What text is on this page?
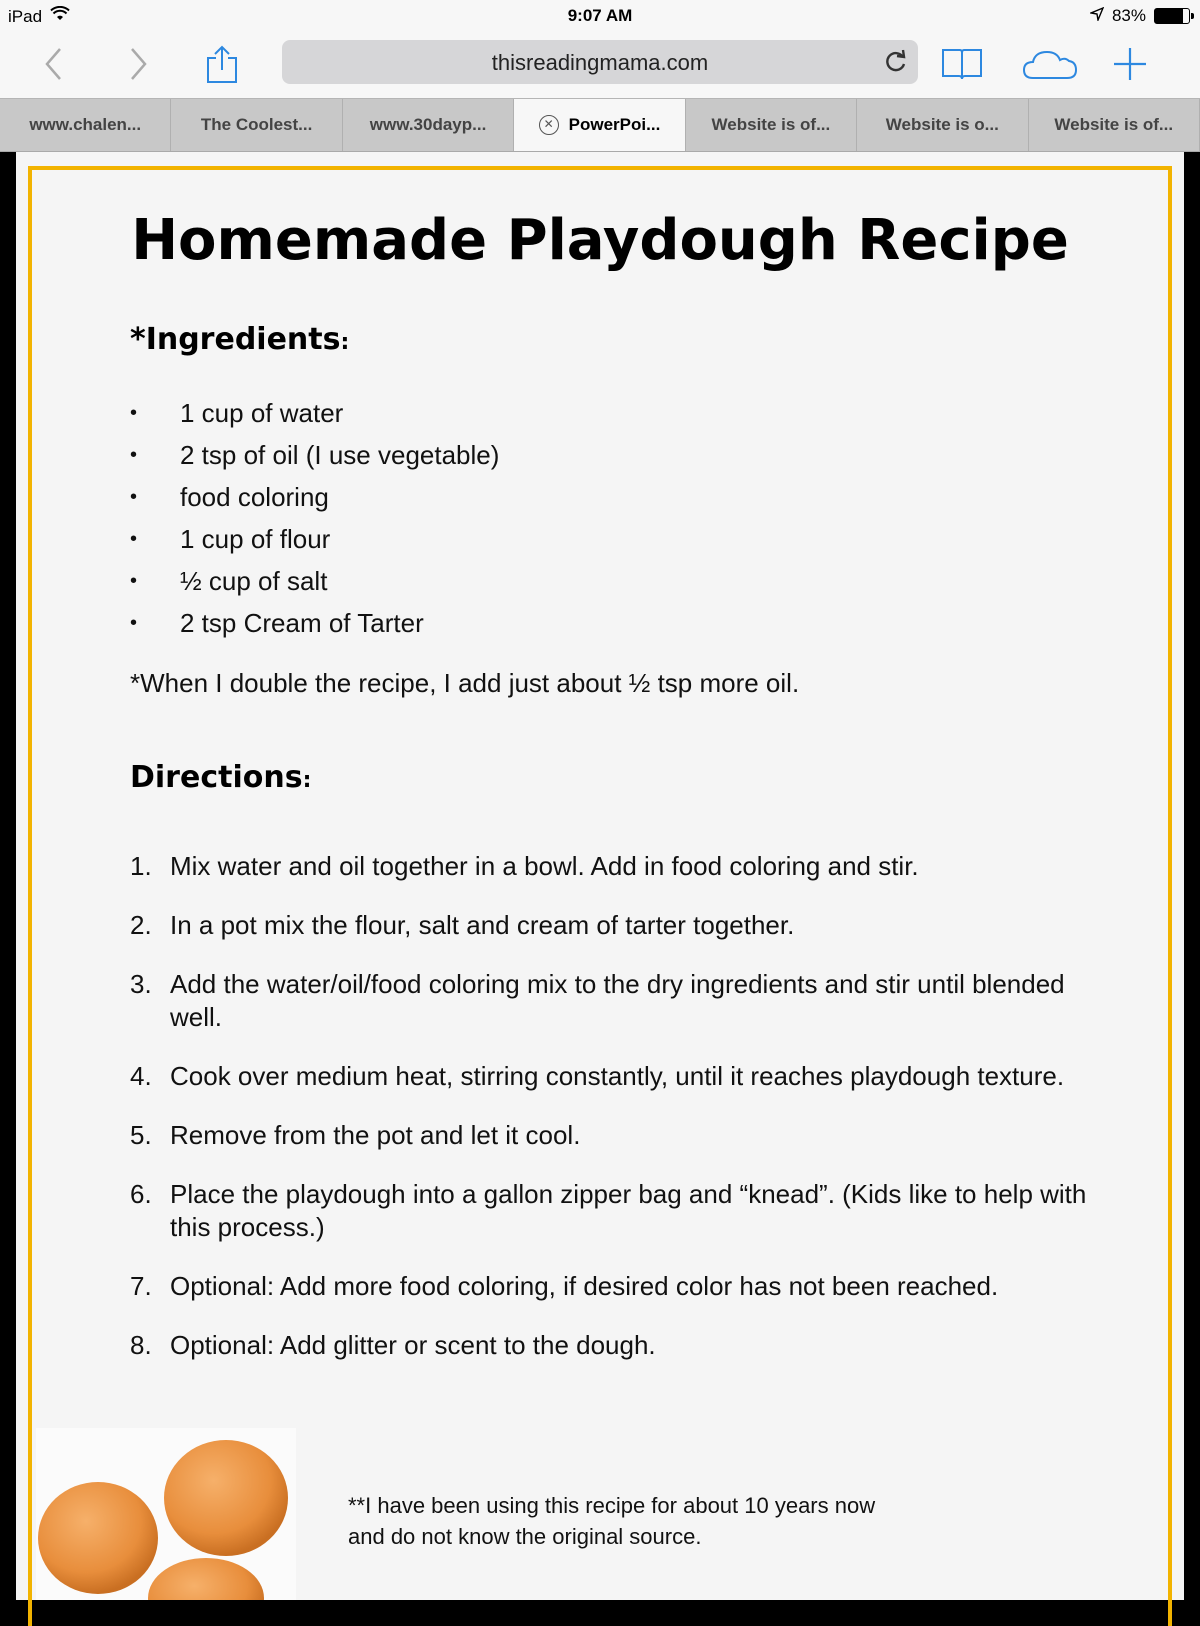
iPad	9:07 AM	83%
thisreadingmama.com
www.chalen...	The Coolest...	www.30dayp...	✕ PowerPoi...	Website is of...	Website is o...	Website is of...
Homemade Playdough Recipe
*Ingredients:
•	1 cup of water
•	2 tsp of oil (I use vegetable)
•	food coloring
•	1 cup of flour
•	½ cup of salt
•	2 tsp Cream of Tarter
*When I double the recipe, I add just about ½ tsp more oil.
Directions:
1. Mix water and oil together in a bowl. Add in food coloring and stir.
2. In a pot mix the flour, salt and cream of tarter together.
3. Add the water/oil/food coloring mix to the dry ingredients and stir until blended well.
4. Cook over medium heat, stirring constantly, until it reaches playdough texture.
5. Remove from the pot and let it cool.
6. Place the playdough into a gallon zipper bag and “knead”. (Kids like to help with this process.)
7. Optional: Add more food coloring, if desired color has not been reached.
8. Optional: Add glitter or scent to the dough.
**I have been using this recipe for about 10 years now
and do not know the original source.
